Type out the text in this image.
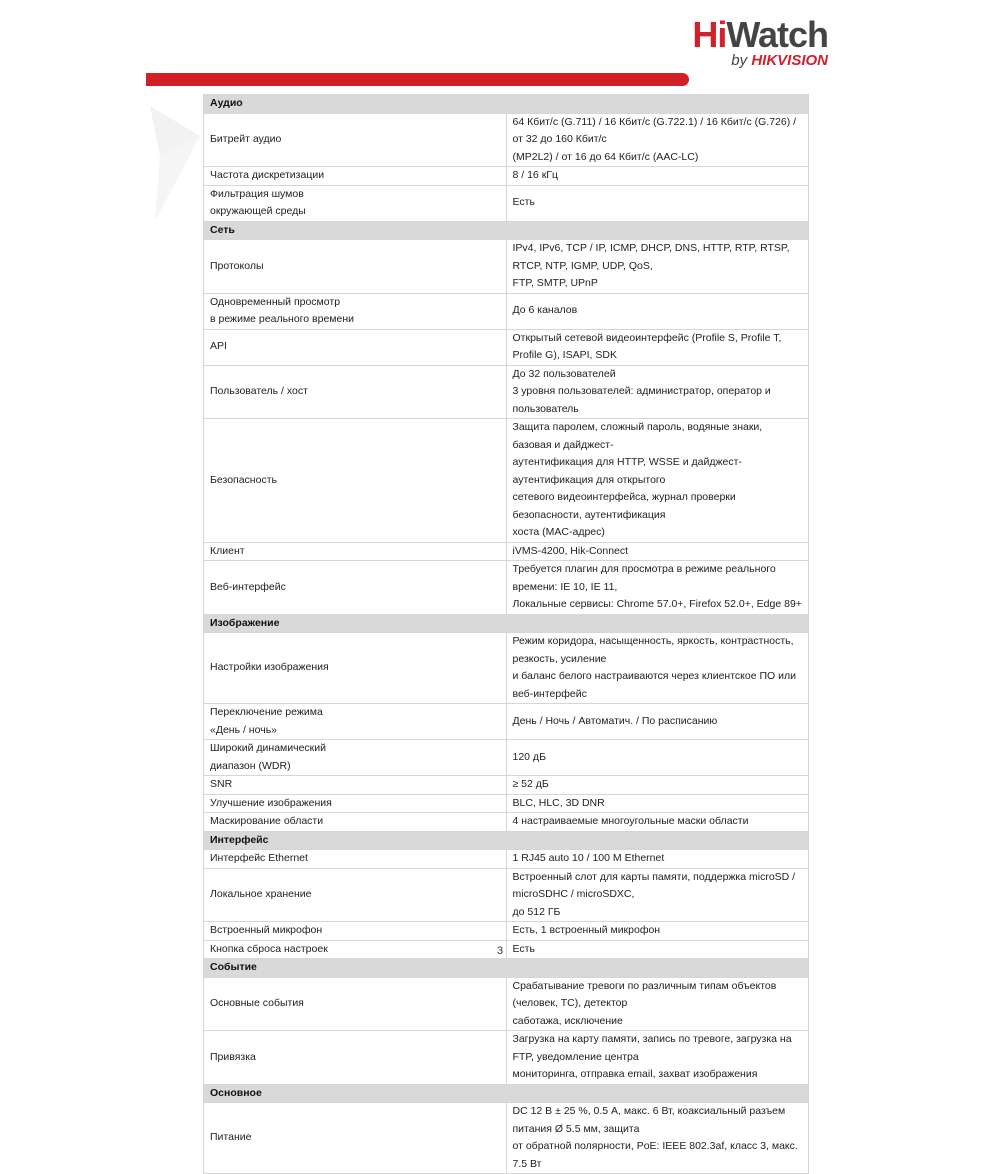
HiWatch
by HIKVISION
Аудио	
Битрейт аудио	64 Кбит/с (G.711) / 16 Кбит/с (G.722.1) / 16 Кбит/с (G.726) / от 32 до 160 Кбит/с
(MP2L2) / от 16 до 64 Кбит/с (AAC-LC)
Частота дискретизации	8 / 16 кГц
Фильтрация шумов
окружающей среды	Есть
Сеть	
Протоколы	IPv4, IPv6, TCP / IP, ICMP, DHCP, DNS, HTTP, RTP, RTSP, RTCP, NTP, IGMP, UDP, QoS,
FTP, SMTP, UPnP
Одновременный просмотр
в режиме реального времени	До 6 каналов
API	Открытый сетевой видеоинтерфейс (Profile S, Profile T, Profile G), ISAPI, SDK
Пользователь / хост	До 32 пользователей
3 уровня пользователей: администратор, оператор и пользователь
Безопасность	Защита паролем, сложный пароль, водяные знаки, базовая и дайджест-
аутентификация для HTTP, WSSE и дайджест-аутентификация для открытого
сетевого видеоинтерфейса, журнал проверки безопасности, аутентификация
хоста (MAC-адрес)
Клиент	iVMS-4200, Hik-Connect
Веб-интерфейс	Требуется плагин для просмотра в режиме реального времени: IE 10, IE 11,
Локальные сервисы: Chrome 57.0+, Firefox 52.0+, Edge 89+
Изображение	
Настройки изображения	Режим коридора, насыщенность, яркость, контрастность, резкость, усиление
и баланс белого настраиваются через клиентское ПО или веб-интерфейс
Переключение режима
«День / ночь»	День / Ночь / Автоматич. / По расписанию
Широкий динамический
диапазон (WDR)	120 дБ
SNR	≥ 52 дБ
Улучшение изображения	BLC, HLC, 3D DNR
Маскирование области	4 настраиваемые многоугольные маски области
Интерфейс	
Интерфейс Ethernet	1 RJ45 auto 10 / 100 M Ethernet
Локальное хранение	Встроенный слот для карты памяти, поддержка microSD / microSDHC / microSDXC,
до 512 ГБ
Встроенный микрофон	Есть, 1 встроенный микрофон
Кнопка сброса настроек	Есть
Событие	
Основные события	Срабатывание тревоги по различным типам объектов (человек, ТС), детектор
саботажа, исключение
Привязка	Загрузка на карту памяти, запись по тревоге, загрузка на FTP, уведомление центра
мониторинга, отправка email, захват изображения
Основное	
Питание	DC 12 В ± 25 %, 0.5 А, макс. 6 Вт, коаксиальный разъем питания Ø 5.5 мм, защита
от обратной полярности, PoE: IEEE 802.3af, класс 3, макс. 7.5 Вт
3
